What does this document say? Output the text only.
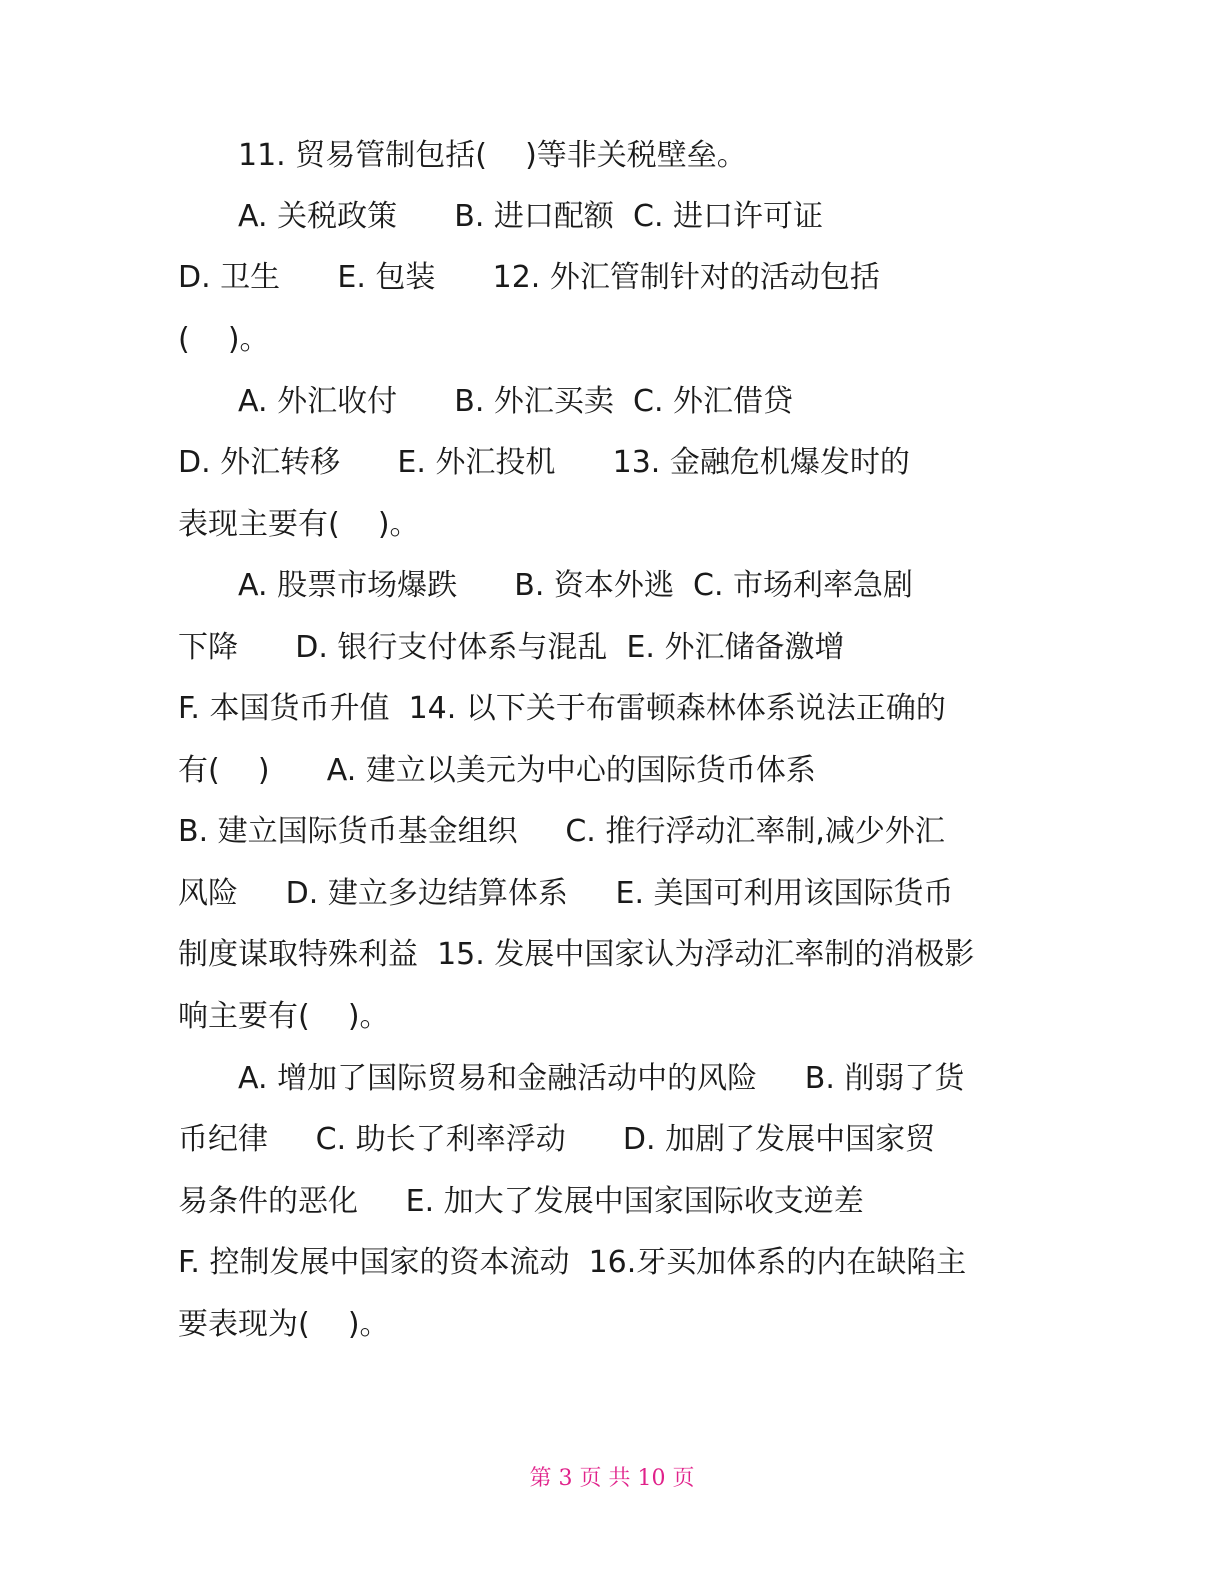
11. 贸易管制包括(    )等非关税壁垒。
A. 关税政策      B. 进口配额  C. 进口许可证
D. 卫生      E. 包装      12. 外汇管制针对的活动包括
(    )。
A. 外汇收付      B. 外汇买卖  C. 外汇借贷
D. 外汇转移      E. 外汇投机      13. 金融危机爆发时的
表现主要有(    )。
A. 股票市场爆跌      B. 资本外逃  C. 市场利率急剧
下降      D. 银行支付体系与混乱  E. 外汇储备激增
F. 本国货币升值  14. 以下关于布雷顿森林体系说法正确的
有(    )      A. 建立以美元为中心的国际货币体系
B. 建立国际货币基金组织     C. 推行浮动汇率制,减少外汇
风险     D. 建立多边结算体系     E. 美国可利用该国际货币
制度谋取特殊利益  15. 发展中国家认为浮动汇率制的消极影
响主要有(    )。
A. 增加了国际贸易和金融活动中的风险     B. 削弱了货
币纪律     C. 助长了利率浮动      D. 加剧了发展中国家贸
易条件的恶化     E. 加大了发展中国家国际收支逆差
F. 控制发展中国家的资本流动  16.牙买加体系的内在缺陷主
要表现为(    )。
第 3 页 共 10 页
